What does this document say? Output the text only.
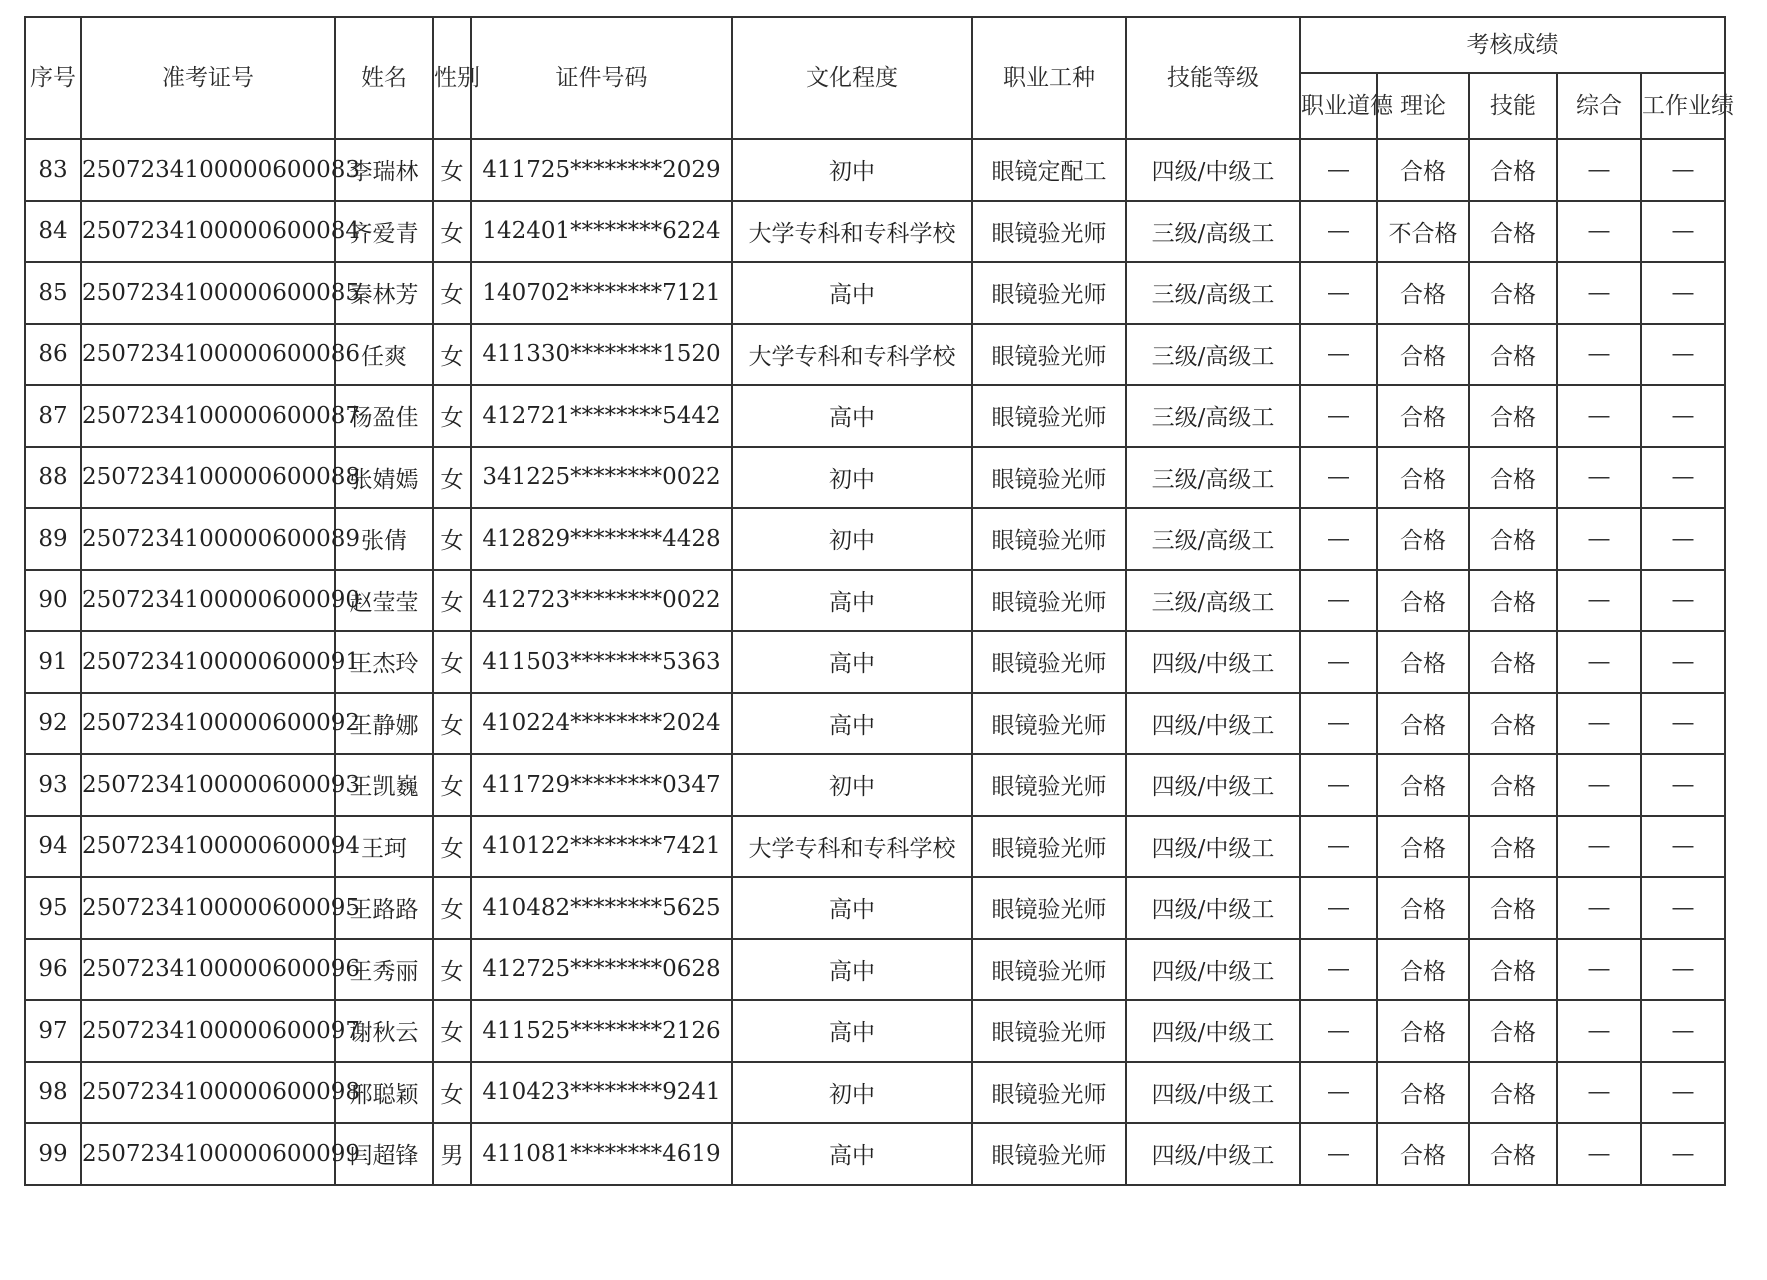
序号	准考证号	姓名	性别	证件号码	文化程度	职业工种	技能等级	考核成绩				
								职业道德	理论	技能	综合	工作业绩
83	2507234100000600083	李瑞林	女	411725********2029	初中	眼镜定配工	四级/中级工	—	合格	合格	—	—
84	2507234100000600084	齐爱青	女	142401********6224	大学专科和专科学校	眼镜验光师	三级/高级工	—	不合格	合格	—	—
85	2507234100000600085	秦林芳	女	140702********7121	高中	眼镜验光师	三级/高级工	—	合格	合格	—	—
86	2507234100000600086	任爽	女	411330********1520	大学专科和专科学校	眼镜验光师	三级/高级工	—	合格	合格	—	—
87	2507234100000600087	杨盈佳	女	412721********5442	高中	眼镜验光师	三级/高级工	—	合格	合格	—	—
88	2507234100000600088	张婧嫣	女	341225********0022	初中	眼镜验光师	三级/高级工	—	合格	合格	—	—
89	2507234100000600089	张倩	女	412829********4428	初中	眼镜验光师	三级/高级工	—	合格	合格	—	—
90	2507234100000600090	赵莹莹	女	412723********0022	高中	眼镜验光师	三级/高级工	—	合格	合格	—	—
91	2507234100000600091	王杰玲	女	411503********5363	高中	眼镜验光师	四级/中级工	—	合格	合格	—	—
92	2507234100000600092	王静娜	女	410224********2024	高中	眼镜验光师	四级/中级工	—	合格	合格	—	—
93	2507234100000600093	王凯巍	女	411729********0347	初中	眼镜验光师	四级/中级工	—	合格	合格	—	—
94	2507234100000600094	王珂	女	410122********7421	大学专科和专科学校	眼镜验光师	四级/中级工	—	合格	合格	—	—
95	2507234100000600095	王路路	女	410482********5625	高中	眼镜验光师	四级/中级工	—	合格	合格	—	—
96	2507234100000600096	王秀丽	女	412725********0628	高中	眼镜验光师	四级/中级工	—	合格	合格	—	—
97	2507234100000600097	谢秋云	女	411525********2126	高中	眼镜验光师	四级/中级工	—	合格	合格	—	—
98	2507234100000600098	邢聪颖	女	410423********9241	初中	眼镜验光师	四级/中级工	—	合格	合格	—	—
99	2507234100000600099	闫超锋	男	411081********4619	高中	眼镜验光师	四级/中级工	—	合格	合格	—	—
